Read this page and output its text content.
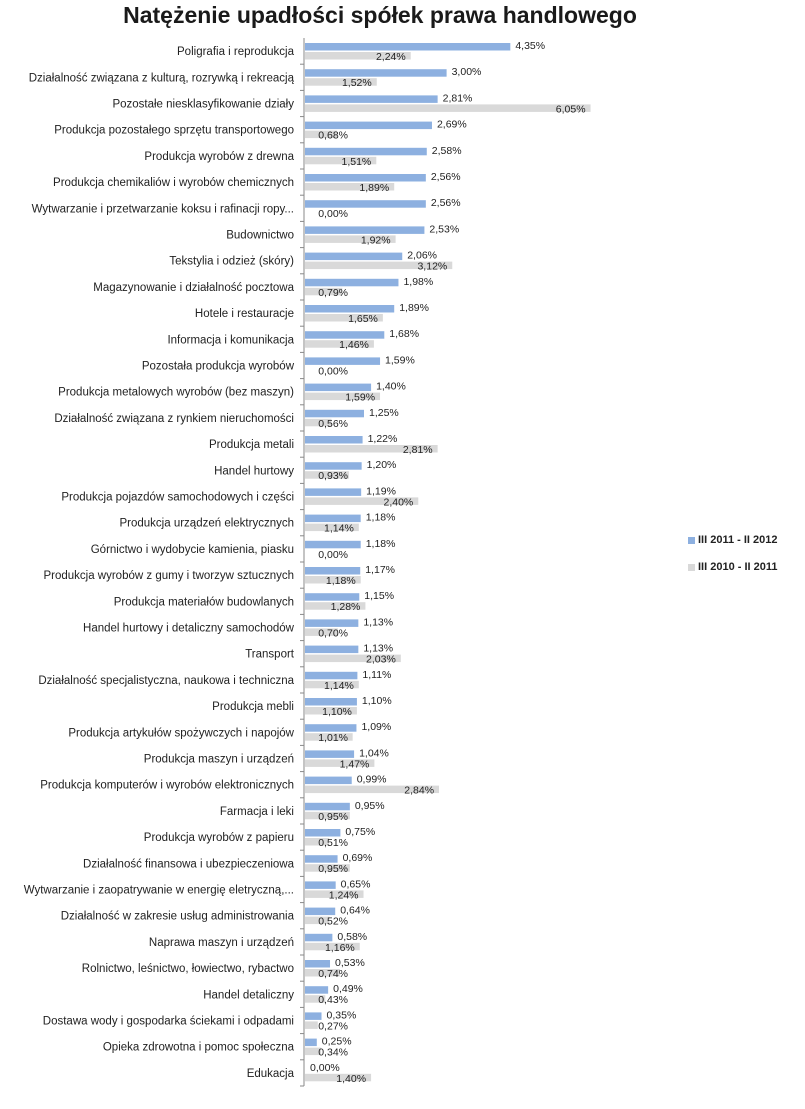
Natężenie upadłości spółek prawa handlowego
Poligrafia i reprodukcja
4,35%
2,24%
Działalność związana z kulturą, rozrywką i rekreacją
3,00%
1,52%
Pozostałe niesklasyfikowanie działy
2,81%
6,05%
Produkcja pozostałego sprzętu transportowego
2,69%
0,68%
Produkcja wyrobów z drewna
2,58%
1,51%
Produkcja chemikaliów i wyrobów chemicznych
2,56%
1,89%
Wytwarzanie i przetwarzanie koksu i rafinacji ropy...
2,56%
0,00%
Budownictwo
2,53%
1,92%
Tekstylia i odzież (skóry)
2,06%
3,12%
Magazynowanie i działalność pocztowa
1,98%
0,79%
Hotele i restauracje
1,89%
1,65%
Informacja i komunikacja
1,68%
1,46%
Pozostała produkcja wyrobów
1,59%
0,00%
Produkcja metalowych wyrobów (bez maszyn)
1,40%
1,59%
Działalność związana z rynkiem nieruchomości
1,25%
0,56%
Produkcja metali
1,22%
2,81%
Handel hurtowy
1,20%
0,93%
Produkcja pojazdów samochodowych i części
1,19%
2,40%
Produkcja urządzeń elektrycznych
1,18%
1,14%
Górnictwo i wydobycie kamienia, piasku
1,18%
0,00%
Produkcja wyrobów z gumy i tworzyw sztucznych
1,17%
1,18%
Produkcja materiałów budowlanych
1,15%
1,28%
Handel hurtowy i detaliczny samochodów
1,13%
0,70%
Transport
1,13%
2,03%
Działalność specjalistyczna, naukowa i techniczna
1,11%
1,14%
Produkcja mebli
1,10%
1,10%
Produkcja artykułów spożywczych i napojów
1,09%
1,01%
Produkcja maszyn i urządzeń
1,04%
1,47%
Produkcja komputerów i wyrobów elektronicznych
0,99%
2,84%
Farmacja i leki
0,95%
0,95%
Produkcja wyrobów z papieru
0,75%
0,51%
Działalność finansowa i ubezpieczeniowa
0,69%
0,95%
Wytwarzanie i zaopatrywanie w energię eletryczną,...
0,65%
1,24%
Działalność w zakresie usług administrowania
0,64%
0,52%
Naprawa maszyn i urządzeń
0,58%
1,16%
Rolnictwo, leśnictwo, łowiectwo, rybactwo
0,53%
0,74%
Handel detaliczny
0,49%
0,43%
Dostawa wody i gospodarka ściekami i odpadami
0,35%
0,27%
Opieka zdrowotna i pomoc społeczna
0,25%
0,34%
Edukacja
0,00%
1,40%
III 2011 - II 2012
III 2010 - II 2011
